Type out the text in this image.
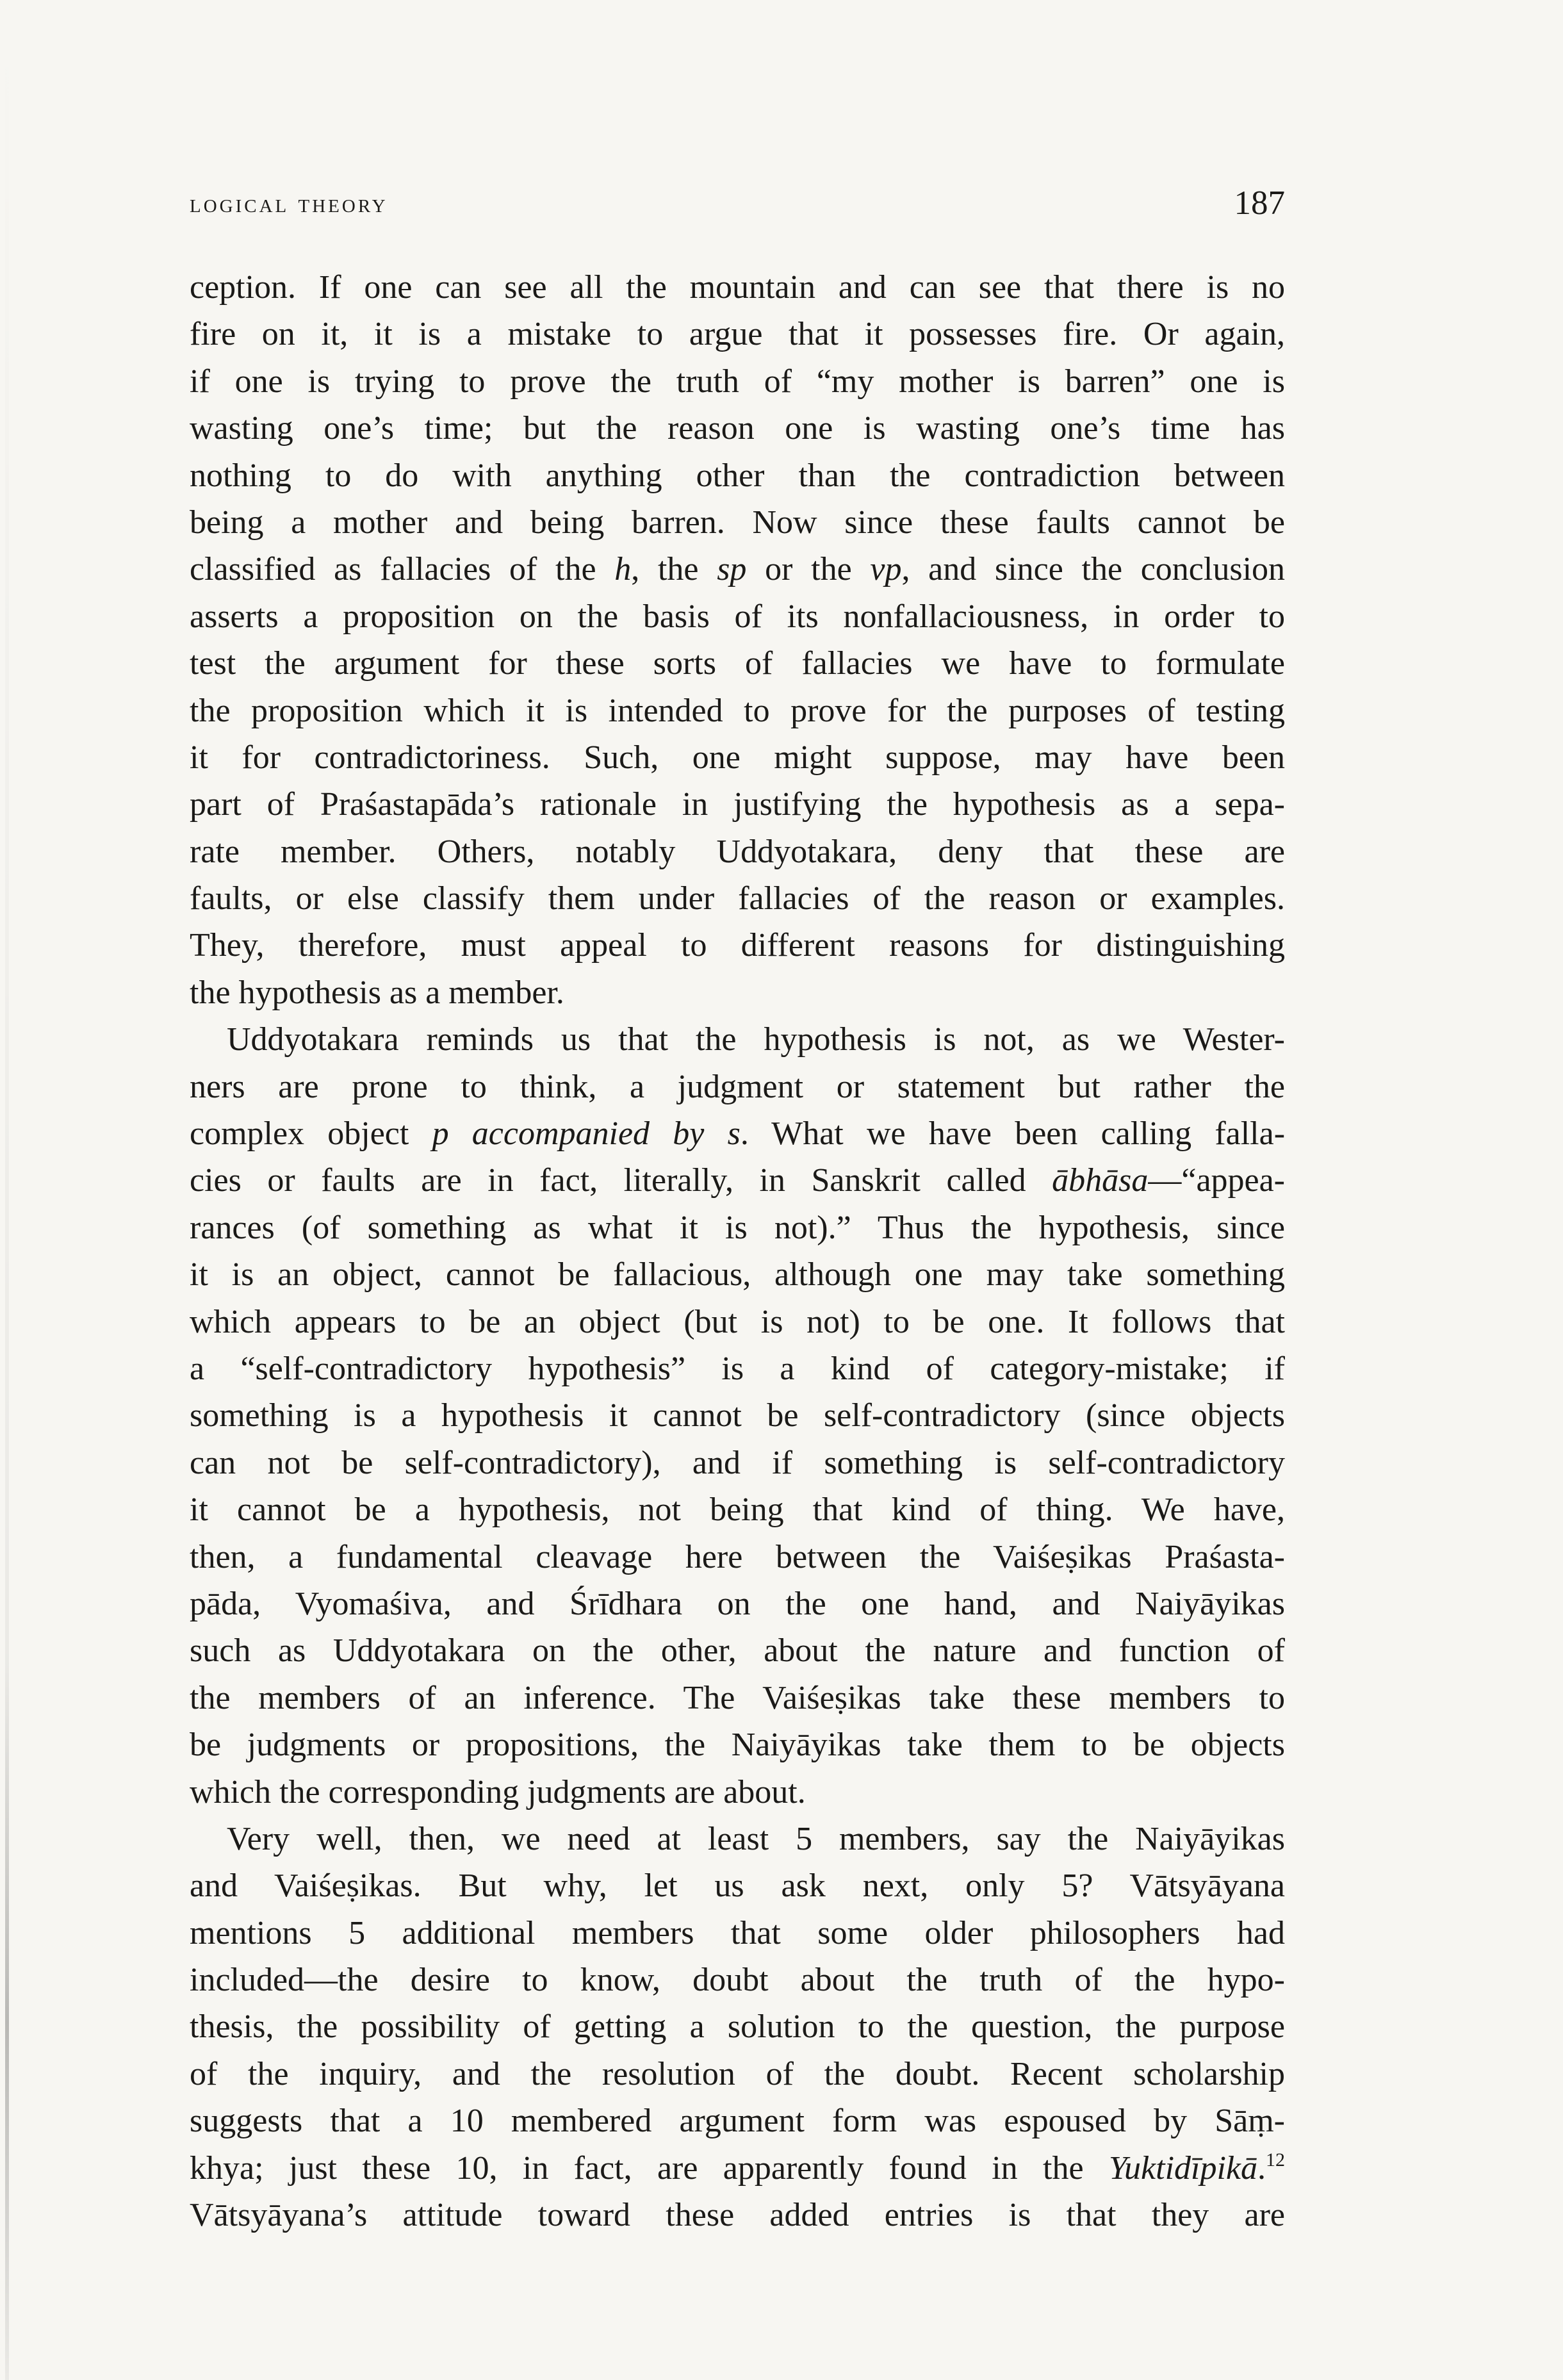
logical theory	187
ception. If one can see all the mountain and can see that there is no
fire on it, it is a mistake to argue that it possesses fire. Or again,
if one is trying to prove the truth of “my mother is barren” one is
wasting one’s time; but the reason one is wasting one’s time has
nothing to do with anything other than the contradiction between
being a mother and being barren. Now since these faults cannot be
classified as fallacies of the h, the sp or the vp, and since the conclusion
asserts a proposition on the basis of its nonfallaciousness, in order to
test the argument for these sorts of fallacies we have to formulate
the proposition which it is intended to prove for the purposes of testing
it for contradictoriness. Such, one might suppose, may have been
part of Praśastapāda’s rationale in justifying the hypothesis as a sepa-
rate member. Others, notably Uddyotakara, deny that these are
faults, or else classify them under fallacies of the reason or examples.
They, therefore, must appeal to different reasons for distinguishing
the hypothesis as a member.
Uddyotakara reminds us that the hypothesis is not, as we Wester-
ners are prone to think, a judgment or statement but rather the
complex object p accompanied by s. What we have been calling falla-
cies or faults are in fact, literally, in Sanskrit called ābhāsa—“appea-
rances (of something as what it is not).” Thus the hypothesis, since
it is an object, cannot be fallacious, although one may take something
which appears to be an object (but is not) to be one. It follows that
a “self-contradictory hypothesis” is a kind of category-mistake; if
something is a hypothesis it cannot be self-contradictory (since objects
can not be self-contradictory), and if something is self-contradictory
it cannot be a hypothesis, not being that kind of thing. We have,
then, a fundamental cleavage here between the Vaiśeṣikas Praśasta-
pāda, Vyomaśiva, and Śrīdhara on the one hand, and Naiyāyikas
such as Uddyotakara on the other, about the nature and function of
the members of an inference. The Vaiśeṣikas take these members to
be judgments or propositions, the Naiyāyikas take them to be objects
which the corresponding judgments are about.
Very well, then, we need at least 5 members, say the Naiyāyikas
and Vaiśeṣikas. But why, let us ask next, only 5? Vātsyāyana
mentions 5 additional members that some older philosophers had
included—the desire to know, doubt about the truth of the hypo-
thesis, the possibility of getting a solution to the question, the purpose
of the inquiry, and the resolution of the doubt. Recent scholarship
suggests that a 10 membered argument form was espoused by Sāṃ-
khya; just these 10, in fact, are apparently found in the Yuktidīpikā.$^{12}$
Vātsyāyana’s attitude toward these added entries is that they are
